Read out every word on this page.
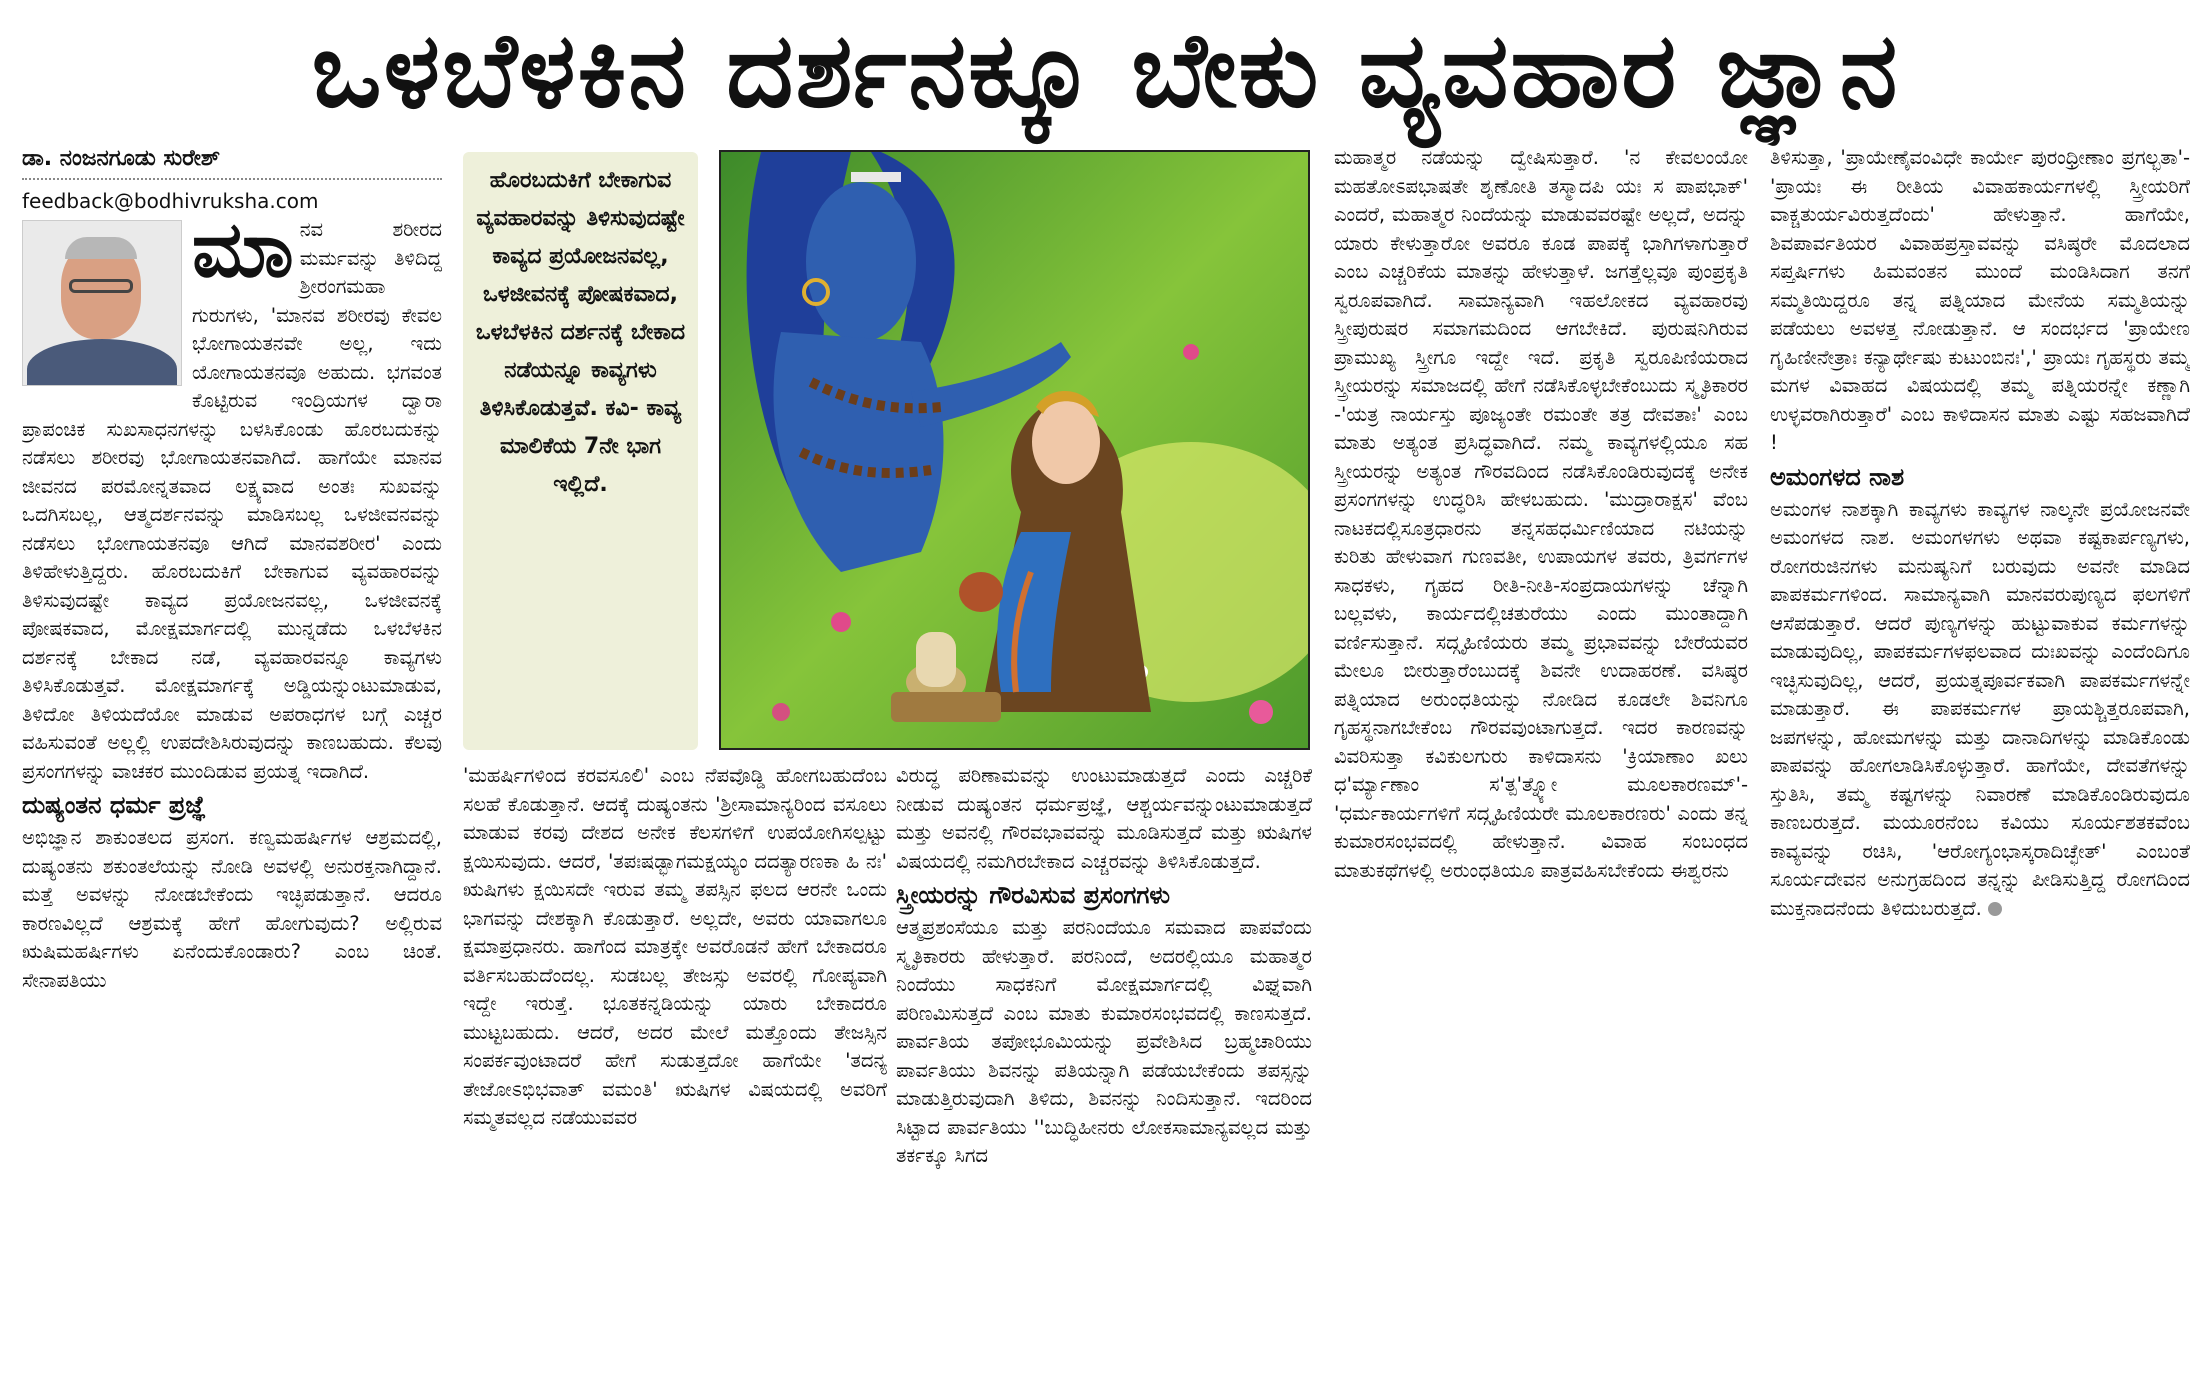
ಒಳಬೆಳಕಿನ ದರ್ಶನಕ್ಕೂ ಬೇಕು ವ್ಯವಹಾರ ಜ್ಞಾನ
ಡಾ. ನಂಜನಗೂಡು ಸುರೇಶ್
feedback@bodhivruksha.com
ಮಾ ನವ ಶರೀರದ ಮರ್ಮವನ್ನು ತಿಳಿದಿದ್ದ ಶ್ರೀರಂಗಮಹಾ ಗುರುಗಳು, 'ಮಾನವ ಶರೀರವು ಕೇವಲ ಭೋಗಾಯತನವೇ ಅಲ್ಲ, ಇದು ಯೋಗಾಯತನವೂ ಅಹುದು. ಭಗವಂತ ಕೊಟ್ಟಿರುವ ಇಂದ್ರಿಯಗಳ ದ್ವಾರಾ ಪ್ರಾಪಂಚಿಕ ಸುಖಸಾಧನಗಳನ್ನು ಬಳಸಿಕೊಂಡು ಹೊರಬದುಕನ್ನು ನಡೆಸಲು ಶರೀರವು ಭೋಗಾಯತನವಾಗಿದೆ. ಹಾಗೆಯೇ ಮಾನವ ಜೀವನದ ಪರಮೋನ್ನತವಾದ ಲಕ್ಷ್ಯವಾದ ಅಂತಃ ಸುಖವನ್ನು ಒದಗಿಸಬಲ್ಲ, ಆತ್ಮದರ್ಶನವನ್ನು ಮಾಡಿಸಬಲ್ಲ ಒಳಜೀವನವನ್ನು ನಡೆಸಲು ಭೋಗಾಯತನವೂ ಆಗಿದೆ ಮಾನವಶರೀರ' ಎಂದು ತಿಳಿಹೇಳುತ್ತಿದ್ದರು. ಹೊರಬದುಕಿಗೆ ಬೇಕಾಗುವ ವ್ಯವಹಾರವನ್ನು ತಿಳಿಸುವುದಷ್ಟೇ ಕಾವ್ಯದ ಪ್ರಯೋಜನವಲ್ಲ, ಒಳಜೀವನಕ್ಕೆ ಪೋಷಕವಾದ, ಮೋಕ್ಷಮಾರ್ಗದಲ್ಲಿ ಮುನ್ನಡೆದು ಒಳಬೆಳಕಿನ ದರ್ಶನಕ್ಕೆ ಬೇಕಾದ ನಡೆ, ವ್ಯವಹಾರವನ್ನೂ ಕಾವ್ಯಗಳು ತಿಳಿಸಿಕೊಡುತ್ತವೆ. ಮೋಕ್ಷಮಾರ್ಗಕ್ಕೆ ಅಡ್ಡಿಯನ್ನುಂಟುಮಾಡುವ, ತಿಳಿದೋ ತಿಳಿಯದೆಯೋ ಮಾಡುವ ಅಪರಾಧಗಳ ಬಗ್ಗೆ ಎಚ್ಚರ ವಹಿಸುವಂತೆ ಅಲ್ಲಲ್ಲಿ ಉಪದೇಶಿಸಿರುವುದನ್ನು ಕಾಣಬಹುದು. ಕೆಲವು ಪ್ರಸಂಗಗಳನ್ನು ವಾಚಕರ ಮುಂದಿಡುವ ಪ್ರಯತ್ನ ಇದಾಗಿದೆ.

ದುಷ್ಯಂತನ ಧರ್ಮ ಪ್ರಜ್ಞೆ

ಅಭಿಜ್ಞಾನ ಶಾಕುಂತಲದ ಪ್ರಸಂಗ. ಕಣ್ವಮಹರ್ಷಿಗಳ ಆಶ್ರಮದಲ್ಲಿ, ದುಷ್ಯಂತನು ಶಕುಂತಲೆಯನ್ನು ನೋಡಿ ಅವಳಲ್ಲಿ ಅನುರಕ್ತನಾಗಿದ್ದಾನೆ. ಮತ್ತೆ ಅವಳನ್ನು ನೋಡಬೇಕೆಂದು ಇಚ್ಛಿಪಡುತ್ತಾನೆ. ಆದರೂ ಕಾರಣವಿಲ್ಲದೆ ಆಶ್ರಮಕ್ಕೆ ಹೇಗೆ ಹೋಗುವುದು? ಅಲ್ಲಿರುವ ಋಷಿಮಹರ್ಷಿಗಳು ಏನೆಂದುಕೊಂಡಾರು? ಎಂಬ ಚಿಂತೆ. ಸೇನಾಪತಿಯು

ಹೊರಬದುಕಿಗೆ ಬೇಕಾಗುವ ವ್ಯವಹಾರವನ್ನು ತಿಳಿಸುವುದಷ್ಟೇ ಕಾವ್ಯದ ಪ್ರಯೋಜನವಲ್ಲ, ಒಳಜೀವನಕ್ಕೆ ಪೋಷಕವಾದ, ಒಳಬೆಳಕಿನ ದರ್ಶನಕ್ಕೆ ಬೇಕಾದ ನಡೆಯನ್ನೂ ಕಾವ್ಯಗಳು ತಿಳಿಸಿಕೊಡುತ್ತವೆ. ಕವಿ- ಕಾವ್ಯ ಮಾಲಿಕೆಯ 7ನೇ ಭಾಗ ಇಲ್ಲಿದೆ.

'ಮಹರ್ಷಿಗಳಿಂದ ಕರವಸೂಲಿ' ಎಂಬ ನೆಪವೊಡ್ಡಿ ಹೋಗಬಹುದೆಂಬ ಸಲಹೆ ಕೊಡುತ್ತಾನೆ. ಆದಕ್ಕೆ ದುಷ್ಯಂತನು 'ಶ್ರೀಸಾಮಾನ್ಯರಿಂದ ವಸೂಲು ಮಾಡುವ ಕರವು ದೇಶದ ಅನೇಕ ಕೆಲಸಗಳಿಗೆ ಉಪಯೋಗಿಸಲ್ಪಟ್ಟು ಕ್ಷಯಿಸುವುದು. ಆದರೆ, 'ತಪಃಷಡ್ಭಾಗಮಕ್ಷಯ್ಯಂ ದದತ್ಯಾರಣಕಾ ಹಿ ನಃ' ಋಷಿಗಳು ಕ್ಷಯಿಸದೇ ಇರುವ ತಮ್ಮ ತಪಸ್ಸಿನ ಫಲದ ಆರನೇ ಒಂದು ಭಾಗವನ್ನು ದೇಶಕ್ಕಾಗಿ ಕೊಡುತ್ತಾರೆ. ಅಲ್ಲದೇ, ಅವರು ಯಾವಾಗಲೂ ಕ್ಷಮಾಪ್ರಧಾನರು. ಹಾಗೆಂದ ಮಾತ್ರಕ್ಕೇ ಅವರೊಡನೆ ಹೇಗೆ ಬೇಕಾದರೂ ವರ್ತಿಸಬಹುದೆಂದಲ್ಲ. ಸುಡಬಲ್ಲ ತೇಜಸ್ಸು ಅವರಲ್ಲಿ ಗೋಪ್ಯವಾಗಿ ಇದ್ದೇ ಇರುತ್ತೆ. ಭೂತಕನ್ನಡಿಯನ್ನು ಯಾರು ಬೇಕಾದರೂ ಮುಟ್ಟಬಹುದು. ಆದರೆ, ಅದರ ಮೇಲೆ ಮತ್ತೊಂದು ತೇಜಸ್ಸಿನ ಸಂಪರ್ಕವುಂಟಾದರೆ ಹೇಗೆ ಸುಡುತ್ತದೋ ಹಾಗೆಯೇ 'ತದನ್ಯ ತೇಜೋಽಭಿಭವಾತ್ ವಮಂತಿ' ಋಷಿಗಳ ವಿಷಯದಲ್ಲಿ ಅವರಿಗೆ ಸಮ್ಮತವಲ್ಲದ ನಡೆಯುವವರ

ವಿರುದ್ಧ ಪರಿಣಾಮವನ್ನು ಉಂಟುಮಾಡುತ್ತದೆ ಎಂದು ಎಚ್ಚರಿಕೆ ನೀಡುವ ದುಷ್ಯಂತನ ಧರ್ಮಪ್ರಜ್ಞೆ, ಆಶ್ಚರ್ಯವನ್ನುಂಟುಮಾಡುತ್ತದೆ ಮತ್ತು ಅವನಲ್ಲಿ ಗೌರವಭಾವವನ್ನು ಮೂಡಿಸುತ್ತದೆ ಮತ್ತು ಋಷಿಗಳ ವಿಷಯದಲ್ಲಿ ನಮಗಿರಬೇಕಾದ ಎಚ್ಚರವನ್ನು ತಿಳಿಸಿಕೊಡುತ್ತದೆ.

ಸ್ತ್ರೀಯರನ್ನು ಗೌರವಿಸುವ ಪ್ರಸಂಗಗಳು

ಆತ್ಮಪ್ರಶಂಸೆಯೂ ಮತ್ತು ಪರನಿಂದೆಯೂ ಸಮವಾದ ಪಾಪವೆಂದು ಸ್ಮೃತಿಕಾರರು ಹೇಳುತ್ತಾರೆ. ಪರನಿಂದೆ, ಅದರಲ್ಲಿಯೂ ಮಹಾತ್ಮರ ನಿಂದೆಯು ಸಾಧಕನಿಗೆ ಮೋಕ್ಷಮಾರ್ಗದಲ್ಲಿ ವಿಘ್ನವಾಗಿ ಪರಿಣಮಿಸುತ್ತದೆ ಎಂಬ ಮಾತು ಕುಮಾರಸಂಭವದಲ್ಲಿ ಕಾಣಸುತ್ತದೆ. ಪಾರ್ವತಿಯ ತಪೋಭೂಮಿಯನ್ನು ಪ್ರವೇಶಿಸಿದ ಬ್ರಹ್ಮಚಾರಿಯು ಪಾರ್ವತಿಯು ಶಿವನನ್ನು ಪತಿಯನ್ನಾಗಿ ಪಡೆಯಬೇಕೆಂದು ತಪಸ್ಸನ್ನು ಮಾಡುತ್ತಿರುವುದಾಗಿ ತಿಳಿದು, ಶಿವನನ್ನು ನಿಂದಿಸುತ್ತಾನೆ. ಇದರಿಂದ ಸಿಟ್ಟಾದ ಪಾರ್ವತಿಯು ''ಬುದ್ಧಿಹೀನರು ಲೋಕಸಾಮಾನ್ಯವಲ್ಲದ ಮತ್ತು ತರ್ಕಕ್ಕೂ ಸಿಗದ

ಮಹಾತ್ಮರ ನಡೆಯನ್ನು ದ್ವೇಷಿಸುತ್ತಾರೆ. 'ನ ಕೇವಲಂಯೋ ಮಹತೋಽಪಭಾಷತೇ ಶೃಣೋತಿ ತಸ್ಮಾದಪಿ ಯಃ ಸ ಪಾಪಭಾಕ್' ಎಂದರೆ, ಮಹಾತ್ಮರ ನಿಂದೆಯನ್ನು ಮಾಡುವವರಷ್ಟೇ ಅಲ್ಲದೆ, ಅದನ್ನು ಯಾರು ಕೇಳುತ್ತಾರೋ ಅವರೂ ಕೂಡ ಪಾಪಕ್ಕೆ ಭಾಗಿಗಳಾಗುತ್ತಾರೆ ಎಂಬ ಎಚ್ಚರಿಕೆಯ ಮಾತನ್ನು ಹೇಳುತ್ತಾಳೆ. ಜಗತ್ತೆಲ್ಲವೂ ಪುಂಪ್ರಕೃತಿ ಸ್ವರೂಪವಾಗಿದೆ. ಸಾಮಾನ್ಯವಾಗಿ ಇಹಲೋಕದ ವ್ಯವಹಾರವು ಸ್ತ್ರೀಪುರುಷರ ಸಮಾಗಮದಿಂದ ಆಗಬೇಕಿದೆ. ಪುರುಷನಿಗಿರುವ ಪ್ರಾಮುಖ್ಯ ಸ್ತ್ರೀಗೂ ಇದ್ದೇ ಇದೆ. ಪ್ರಕೃತಿ ಸ್ವರೂಪಿಣಿಯರಾದ ಸ್ತ್ರೀಯರನ್ನು ಸಮಾಜದಲ್ಲಿ ಹೇಗೆ ನಡೆಸಿಕೊಳ್ಳಬೇಕೆಂಬುದು ಸ್ಮೃತಿಕಾರರ -'ಯತ್ರ ನಾರ್ಯಸ್ತು ಪೂಜ್ಯಂತೇ ರಮಂತೇ ತತ್ರ ದೇವತಾಃ' ಎಂಬ ಮಾತು ಅತ್ಯಂತ ಪ್ರಸಿದ್ಧವಾಗಿದೆ. ನಮ್ಮ ಕಾವ್ಯಗಳಲ್ಲಿಯೂ ಸಹ ಸ್ತ್ರೀಯರನ್ನು ಅತ್ಯಂತ ಗೌರವದಿಂದ ನಡೆಸಿಕೊಂಡಿರುವುದಕ್ಕೆ ಅನೇಕ ಪ್ರಸಂಗಗಳನ್ನು ಉದ್ಧರಿಸಿ ಹೇಳಬಹುದು. 'ಮುದ್ರಾರಾಕ್ಷಸ' ವೆಂಬ ನಾಟಕದಲ್ಲಿಸೂತ್ರಧಾರನು ತನ್ನಸಹಧರ್ಮಿಣಿಯಾದ ನಟಿಯನ್ನು ಕುರಿತು ಹೇಳುವಾಗ ಗುಣವತೀ, ಉಪಾಯಗಳ ತವರು, ತ್ರಿವರ್ಗಗಳ ಸಾಧಕಳು, ಗೃಹದ ರೀತಿ-ನೀತಿ-ಸಂಪ್ರದಾಯಗಳನ್ನು ಚೆನ್ನಾಗಿ ಬಲ್ಲವಳು, ಕಾರ್ಯದಲ್ಲಿಚತುರೆಯು ಎಂದು ಮುಂತಾದ್ದಾಗಿ ವರ್ಣಿಸುತ್ತಾನೆ. ಸದ್ಗೃಹಿಣಿಯರು ತಮ್ಮ ಪ್ರಭಾವವನ್ನು ಬೇರೆಯವರ ಮೇಲೂ ಬೀರುತ್ತಾರೆಂಬುದಕ್ಕೆ ಶಿವನೇ ಉದಾಹರಣೆ. ವಸಿಷ್ಠರ ಪತ್ನಿಯಾದ ಅರುಂಧತಿಯನ್ನು ನೋಡಿದ ಕೂಡಲೇ ಶಿವನಿಗೂ ಗೃಹಸ್ಥನಾಗಬೇಕೆಂಬ ಗೌರವವುಂಟಾಗುತ್ತದೆ. ಇದರ ಕಾರಣವನ್ನು ವಿವರಿಸುತ್ತಾ ಕವಿಕುಲಗುರು ಕಾಳಿದಾಸನು 'ಕ್ರಿಯಾಣಾಂ ಖಲು ಧ'ರ್ಮ್ಯಾಣಾಂ ಸ'ತ್ಪ'ತ್ನ್ಯೋ ಮೂಲಕಾರಣಮ್'- 'ಧರ್ಮಕಾರ್ಯಗಳಿಗೆ ಸದ್ಗೃಹಿಣಿಯರೇ ಮೂಲಕಾರಣರು' ಎಂದು ತನ್ನ ಕುಮಾರಸಂಭವದಲ್ಲಿ ಹೇಳುತ್ತಾನೆ. ವಿವಾಹ ಸಂಬಂಧದ ಮಾತುಕಥೆಗಳಲ್ಲಿ ಅರುಂಧತಿಯೂ ಪಾತ್ರವಹಿಸಬೇಕೆಂದು ಈಶ್ವರನು

ತಿಳಿಸುತ್ತಾ, 'ಪ್ರಾಯೇಣೈವಂವಿಧೇ ಕಾರ್ಯೇ ಪುರಂಧ್ರೀಣಾಂ ಪ್ರಗಲ್ಭತಾ'- 'ಪ್ರಾಯಃ ಈ ರೀತಿಯ ವಿವಾಹಕಾರ್ಯಗಳಲ್ಲಿ ಸ್ತ್ರೀಯರಿಗೆ ವಾಕ್ಚತುರ್ಯವಿರುತ್ತದೆಂದು' ಹೇಳುತ್ತಾನೆ. ಹಾಗೆಯೇ, ಶಿವಪಾರ್ವತಿಯರ ವಿವಾಹಪ್ರಸ್ತಾವವನ್ನು ವಸಿಷ್ಠರೇ ಮೊದಲಾದ ಸಪ್ತರ್ಷಿಗಳು ಹಿಮವಂತನ ಮುಂದೆ ಮಂಡಿಸಿದಾಗ ತನಗೆ ಸಮ್ಮತಿಯಿದ್ದರೂ ತನ್ನ ಪತ್ನಿಯಾದ ಮೇನೆಯ ಸಮ್ಮತಿಯನ್ನು ಪಡೆಯಲು ಅವಳತ್ತ ನೋಡುತ್ತಾನೆ. ಆ ಸಂದರ್ಭದ 'ಪ್ರಾಯೇಣ ಗೃಹಿಣೀನೇತ್ರಾಃ ಕನ್ಯಾರ್ಥೇಷು ಕುಟುಂಬಿನಃ',' ಪ್ರಾಯಃ ಗೃಹಸ್ಥರು ತಮ್ಮ ಮಗಳ ವಿವಾಹದ ವಿಷಯದಲ್ಲಿ ತಮ್ಮ ಪತ್ನಿಯರನ್ನೇ ಕಣ್ಣಾಗಿ ಉಳ್ಳವರಾಗಿರುತ್ತಾರೆ' ಎಂಬ ಕಾಳಿದಾಸನ ಮಾತು ಎಷ್ಟು ಸಹಜವಾಗಿದೆ !

ಅಮಂಗಳದ ನಾಶ

ಅಮಂಗಳ ನಾಶಕ್ಕಾಗಿ ಕಾವ್ಯಗಳು ಕಾವ್ಯಗಳ ನಾಲ್ಕನೇ ಪ್ರಯೋಜನವೇ ಅಮಂಗಳದ ನಾಶ. ಅಮಂಗಳಗಳು ಅಥವಾ ಕಷ್ಟಕಾರ್ಪಣ್ಯಗಳು, ರೋಗರುಜಿನಗಳು ಮನುಷ್ಯನಿಗೆ ಬರುವುದು ಅವನೇ ಮಾಡಿದ ಪಾಪಕರ್ಮಗಳಿಂದ. ಸಾಮಾನ್ಯವಾಗಿ ಮಾನವರುಪುಣ್ಯದ ಫಲಗಳಿಗೆ ಆಸೆಪಡುತ್ತಾರೆ. ಆದರೆ ಪುಣ್ಯಗಳನ್ನು ಹುಟ್ಟುವಾಕುವ ಕರ್ಮಗಳನ್ನು ಮಾಡುವುದಿಲ್ಲ, ಪಾಪಕರ್ಮಗಳಫಲವಾದ ದುಃಖವನ್ನು ಎಂದೆಂದಿಗೂ ಇಚ್ಛಿಸುವುದಿಲ್ಲ, ಆದರೆ, ಪ್ರಯತ್ನಪೂರ್ವಕವಾಗಿ ಪಾಪಕರ್ಮಗಳನ್ನೇ ಮಾಡುತ್ತಾರೆ. ಈ ಪಾಪಕರ್ಮಗಳ ಪ್ರಾಯಶ್ಚಿತ್ತರೂಪವಾಗಿ, ಜಪಗಳನ್ನು, ಹೋಮಗಳನ್ನು ಮತ್ತು ದಾನಾದಿಗಳನ್ನು ಮಾಡಿಕೊಂಡು ಪಾಪವನ್ನು ಹೋಗಲಾಡಿಸಿಕೊಳ್ಳುತ್ತಾರೆ. ಹಾಗೆಯೇ, ದೇವತೆಗಳನ್ನು ಸ್ತುತಿಸಿ, ತಮ್ಮ ಕಷ್ಟಗಳನ್ನು ನಿವಾರಣೆ ಮಾಡಿಕೊಂಡಿರುವುದೂ ಕಾಣಬರುತ್ತದೆ. ಮಯೂರನೆಂಬ ಕವಿಯು ಸೂರ್ಯಶತಕವೆಂಬ ಕಾವ್ಯವನ್ನು ರಚಿಸಿ, 'ಆರೋಗ್ಯಂಭಾಸ್ಕರಾದಿಚ್ಛೇತ್' ಎಂಬಂತೆ ಸೂರ್ಯದೇವನ ಅನುಗ್ರಹದಿಂದ ತನ್ನನ್ನು ಪೀಡಿಸುತ್ತಿದ್ದ ರೋಗದಿಂದ ಮುಕ್ತನಾದನೆಂದು ತಿಳಿದುಬರುತ್ತದೆ.
